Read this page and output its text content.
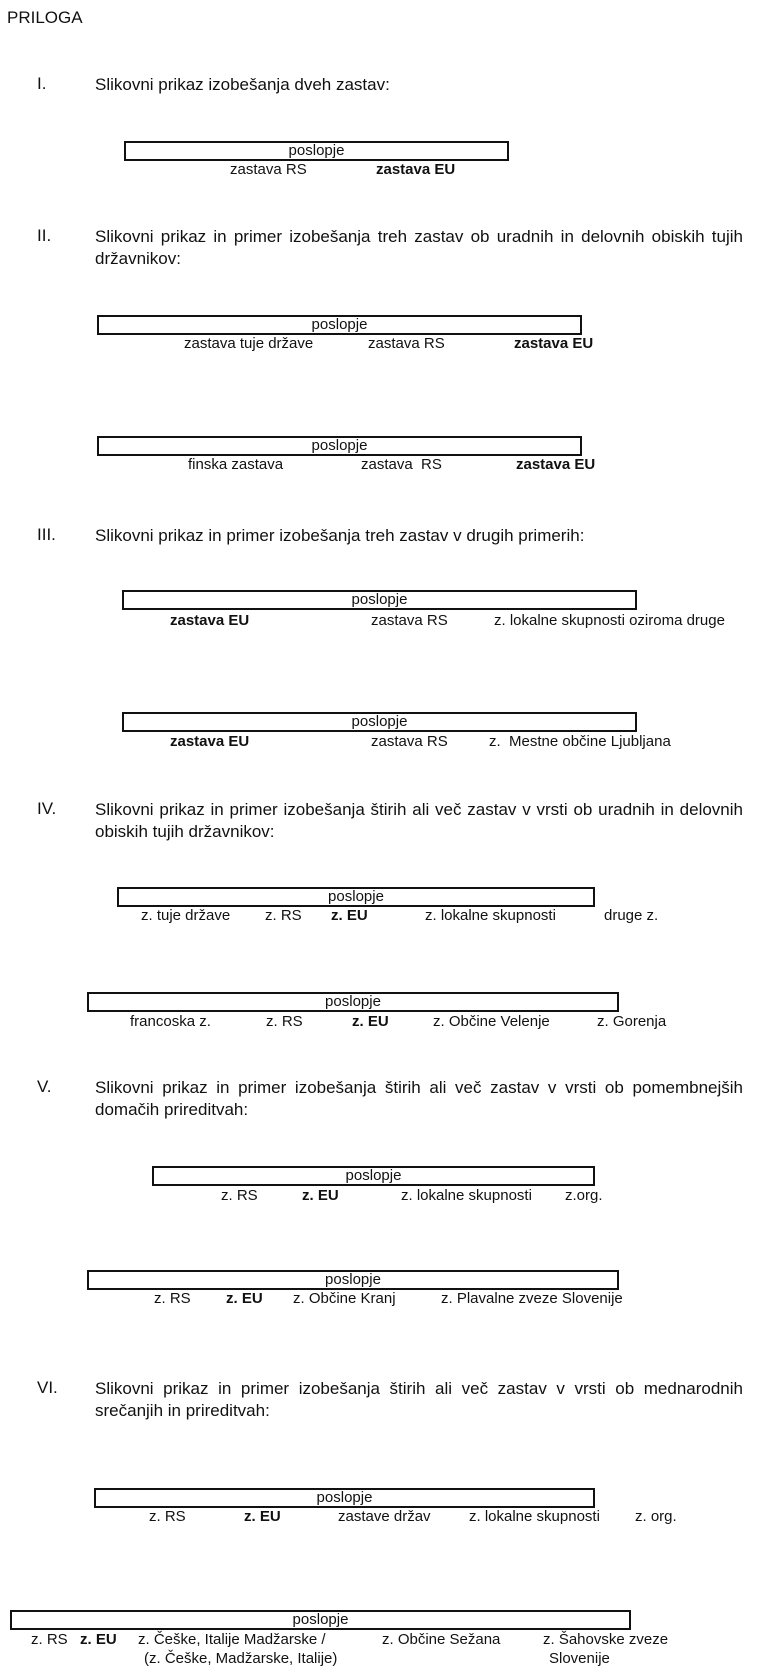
PRILOGA
I.	Slikovni prikaz izobešanja dveh zastav:
poslopje
zastava RS	zastava EU
II.	Slikovni prikaz in primer izobešanja treh zastav ob uradnih in delovnih obiskih tujih državnikov:
poslopje
zastava tuje države	zastava RS	zastava EU
poslopje
finska zastava	zastava  RS	zastava EU
III. Slikovni prikaz in primer izobešanja treh zastav v drugih primerih:
poslopje
zastava EU	zastava RS	z. lokalne skupnosti oziroma druge
poslopje
zastava EU	zastava RS	z.  Mestne občine Ljubljana
IV. Slikovni prikaz in primer izobešanja štirih ali več zastav v vrsti ob uradnih in delovnih obiskih tujih državnikov:
poslopje
z. tuje države z. RS z. EU	z. lokalne skupnosti	druge z.
poslopje
francoska z.	z. RS	z. EU	z. Občine Velenje	z. Gorenja
V.	Slikovni prikaz in primer izobešanja štirih ali več zastav v vrsti ob pomembnejših domačih prireditvah:
poslopje
z. RS	z. EU	z. lokalne skupnosti z.org.
poslopje
z. RS z. EU z. Občine Kranj	z. Plavalne zveze Slovenije
VI. Slikovni prikaz in primer izobešanja štirih ali več zastav v vrsti ob mednarodnih srečanjih in prireditvah:
poslopje
z. RS	z. EU	zastave držav	z. lokalne skupnosti z. org.
poslopje
z. RS z. EU z. Češke, Italije Madžarske /
(z. Češke, Madžarske, Italije)
z. Občine Sežana	z. Šahovske zveze
Slovenije
